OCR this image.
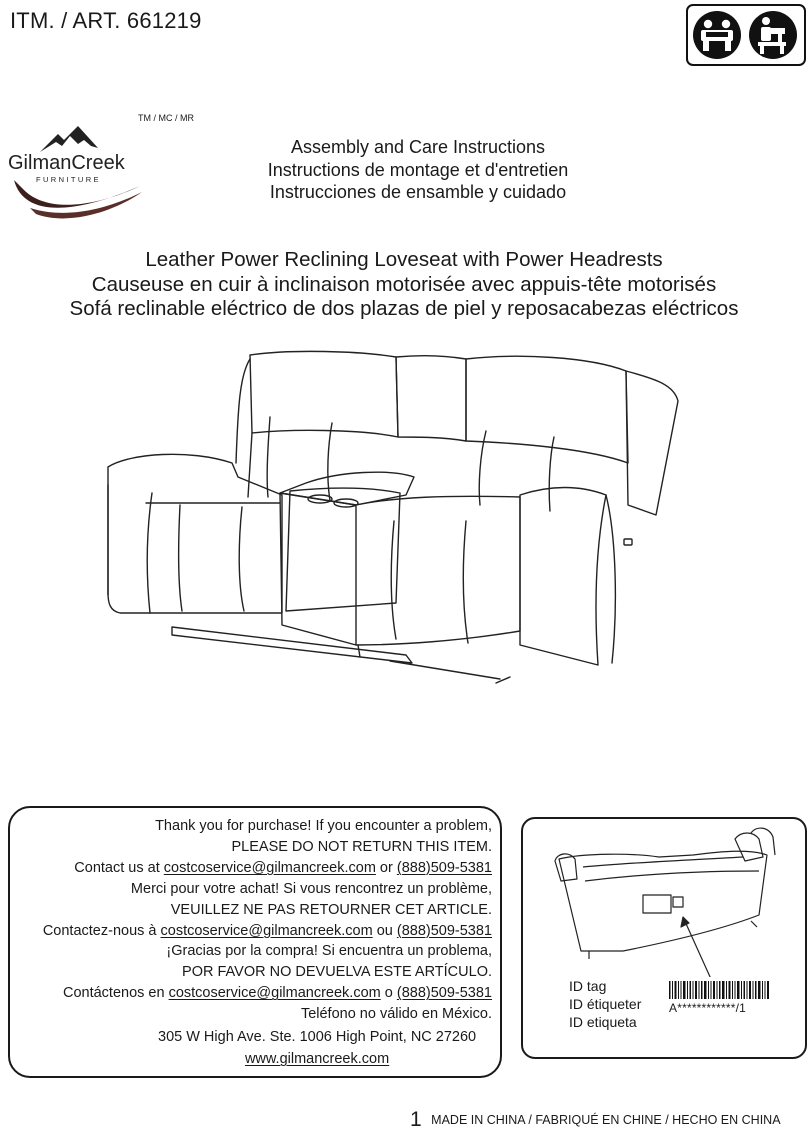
ITM. / ART. 661219
TM / MC / MR
GilmanCreek
FURNITURE
Assembly and Care Instructions
Instructions de montage et d'entretien
Instrucciones de ensamble y cuidado
Leather Power Reclining Loveseat with Power Headrests
Causeuse en cuir à inclinaison motorisée avec appuis-tête motorisés
Sofá reclinable eléctrico de dos plazas de piel y reposacabezas eléctricos
Thank you for purchase! If you encounter a problem,
PLEASE DO NOT RETURN THIS ITEM.
Contact us at costcoservice@gilmancreek.com or (888)509-5381
Merci pour votre achat! Si vous rencontrez un problème,
VEUILLEZ NE PAS RETOURNER CET ARTICLE.
Contactez-nous à costcoservice@gilmancreek.com ou (888)509-5381
¡Gracias por la compra! Si encuentra un problema,
POR FAVOR NO DEVUELVA ESTE ARTÍCULO.
Contáctenos en costcoservice@gilmancreek.com o (888)509-5381
Teléfono no válido en México.
305 W High Ave. Ste. 1006 High Point, NC 27260
www.gilmancreek.com
ID tag
ID étiqueter
ID etiqueta
A************/1
1 MADE IN CHINA / FABRIQUÉ EN CHINE / HECHO EN CHINA
